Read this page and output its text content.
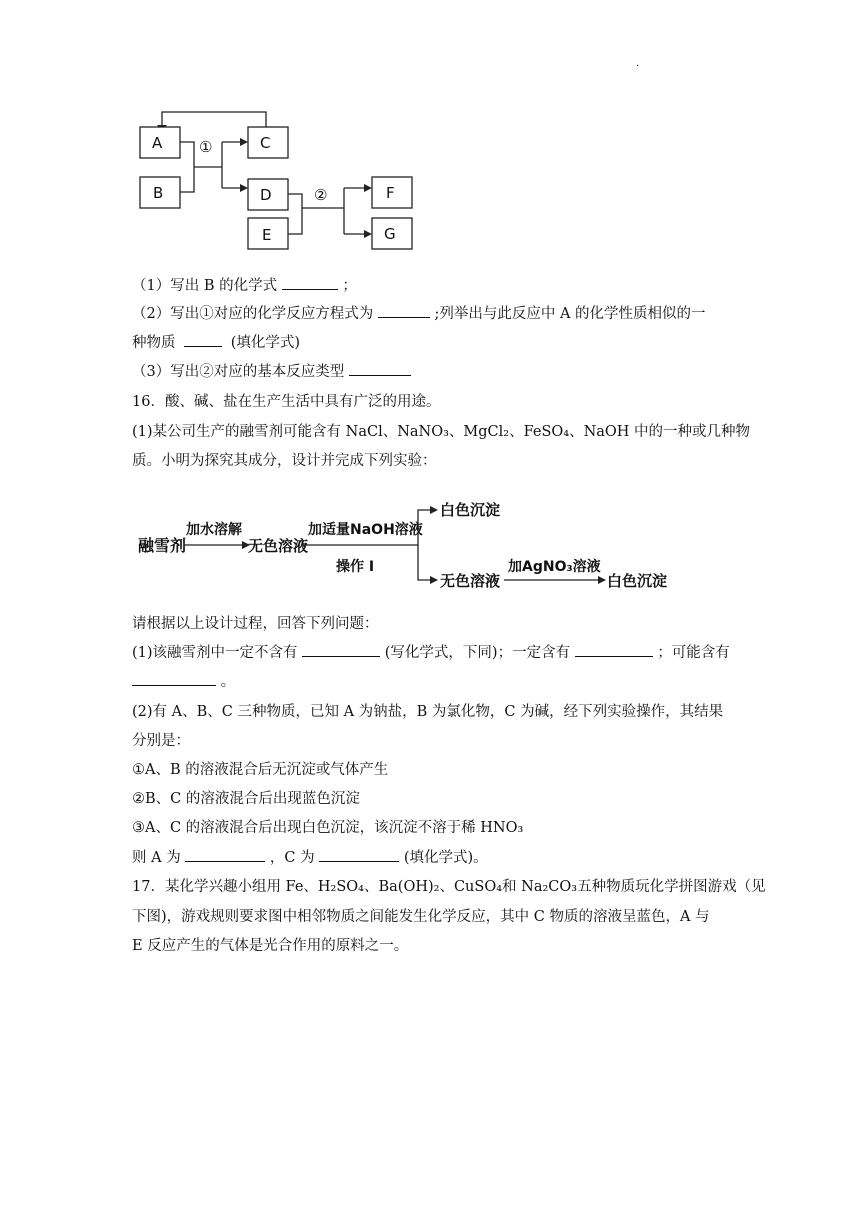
.
A
B
C
D
E
F
G
①
②
（1）写出 B 的化学式	；
（2）写出①对应的化学反应方程式为	;列举出与此反应中 A 的化学性质相似的一
种物质	(填化学式)
（3）写出②对应的基本反应类型
16．酸、碱、盐在生产生活中具有广泛的用途。
(1)某公司生产的融雪剂可能含有 NaCl、NaNO₃、MgCl₂、FeSO₄、NaOH 中的一种或几种物
质。小明为探究其成分，设计并完成下列实验：
融雪剂
加水溶解
无色溶液
加适量NaOH溶液
操作 I
白色沉淀
无色溶液
加AgNO₃溶液
白色沉淀
请根据以上设计过程，回答下列问题：
(1)该融雪剂中一定不含有	(写化学式，下同)；一定含有	；可能含有
。
(2)有 A、B、C 三种物质，已知 A 为钠盐，B 为氯化物，C 为碱，经下列实验操作，其结果
分别是：
①A、B 的溶液混合后无沉淀或气体产生
②B、C 的溶液混合后出现蓝色沉淀
③A、C 的溶液混合后出现白色沉淀，该沉淀不溶于稀 HNO₃
则 A 为	，C 为	(填化学式)。
17．某化学兴趣小组用 Fe、H₂SO₄、Ba(OH)₂、CuSO₄和 Na₂CO₃五种物质玩化学拼图游戏（见
下图)，游戏规则要求图中相邻物质之间能发生化学反应，其中 C 物质的溶液呈蓝色，A 与
E 反应产生的气体是光合作用的原料之一。
